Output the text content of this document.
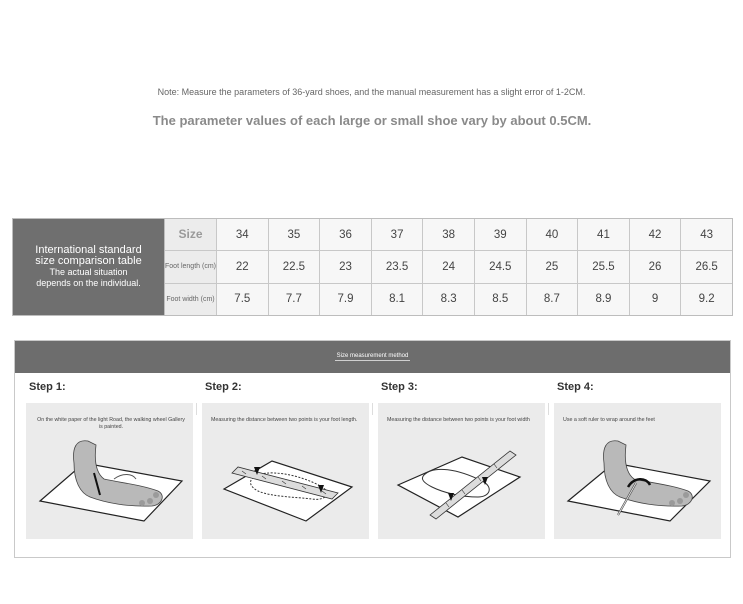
Note: Measure the parameters of 36-yard shoes, and the manual measurement has a slight error of 1-2CM.
The parameter values of each large or small shoe vary by about 0.5CM.
International standard
size comparison table
The actual situation
depends on the individual.
Size	34	35	36	37	38	39	40	41	42	43
Foot length (cm)	22	22.5	23	23.5	24	24.5	25	25.5	26	26.5
Foot width (cm)	7.5	7.7	7.9	8.1	8.3	8.5	8.7	8.9	9	9.2
Size measurement method
Step 1:
On the white paper of the light Road, the walking wheel Gallery is painted.
Step 2:
Measuring the distance between two points is your foot length.
Step 3:
Measuring the distance between two points is your foot width
Step 4:
Use a soft ruler to wrap around the feet
